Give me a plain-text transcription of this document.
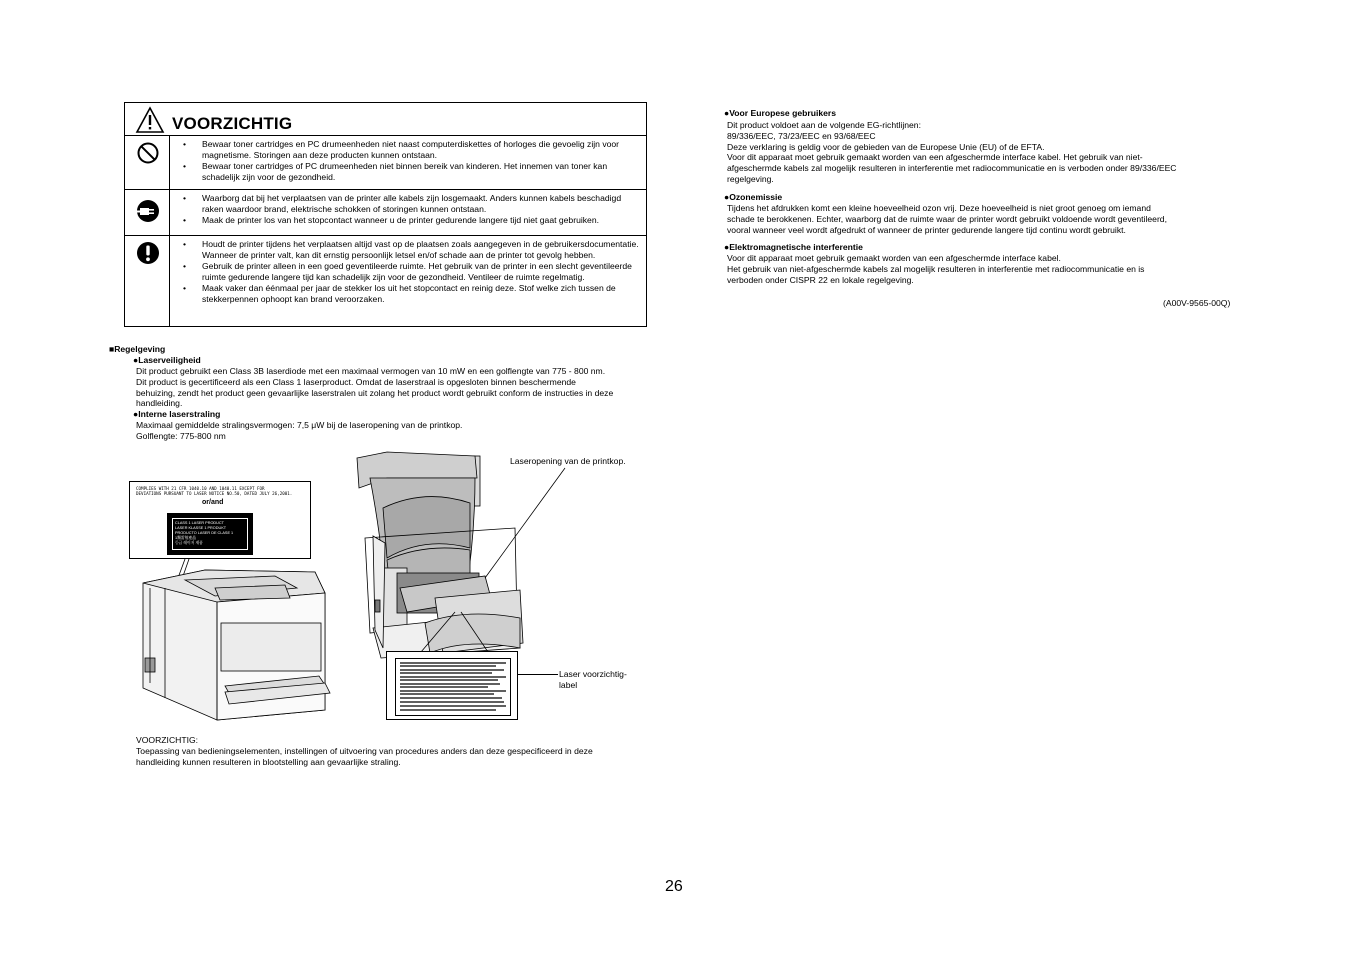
VOORZICHTIG
• Bewaar toner cartridges en PC drumeenheden niet naast computerdiskettes of horloges die gevoelig zijn voor magnetisme. Storingen aan deze producten kunnen ontstaan.
• Bewaar toner cartridges of PC drumeenheden niet binnen bereik van kinderen. Het innemen van toner kan schadelijk zijn voor de gezondheid.
• Waarborg dat bij het verplaatsen van de printer alle kabels zijn losgemaakt. Anders kunnen kabels beschadigd raken waardoor brand, elektrische schokken of storingen kunnen ontstaan.
• Maak de printer los van het stopcontact wanneer u de printer gedurende langere tijd niet gaat gebruiken.
• Houdt de printer tijdens het verplaatsen altijd vast op de plaatsen zoals aangegeven in de gebruikersdocumentatie. Wanneer de printer valt, kan dit ernstig persoonlijk letsel en/of schade aan de printer tot gevolg hebben.
• Gebruik de printer alleen in een goed geventileerde ruimte. Het gebruik van de printer in een slecht geventileerde ruimte gedurende langere tijd kan schadelijk zijn voor de gezondheid. Ventileer de ruimte regelmatig.
• Maak vaker dan éénmaal per jaar de stekker los uit het stopcontact en reinig deze. Stof welke zich tussen de stekkerpennen ophoopt kan brand veroorzaken.
■Regelgeving
●Laserveiligheid
Dit product gebruikt een Class 3B laserdiode met een maximaal vermogen van 10 mW en een golflengte van 775 - 800 nm.
Dit product is gecertificeerd als een Class 1 laserproduct. Omdat de laserstraal is opgesloten binnen beschermende
behuizing, zendt het product geen gevaarlijke laserstralen uit zolang het product wordt gebruikt conform de instructies in deze
handleiding.
●Interne laserstraling
Maximaal gemiddelde stralingsvermogen: 7,5 μW bij de laseropening van de printkop.
Golflengte: 775-800 nm
COMPLIES WITH 21 CFR 1040.10 AND 1040.11 EXCEPT FOR
DEVIATIONS PURSUANT TO LASER NOTICE NO.50, DATED JULY 26,2001.
or/and
CLASS 1 LASER PRODUCT
LASER KLASSE 1 PRODUKT
PRODUCTO LASER DE CLASE 1
1類雷射產品
등급 레이저 제품
Laseropening van de printkop.
Laser voorzichtig-
label
VOORZICHTIG:
Toepassing van bedieningselementen, instellingen of uitvoering van procedures anders dan deze gespecificeerd in deze
handleiding kunnen resulteren in blootstelling aan gevaarlijke straling.
●Voor Europese gebruikers
Dit product voldoet aan de volgende EG-richtlijnen:
89/336/EEC, 73/23/EEC en 93/68/EEC
Deze verklaring is geldig voor de gebieden van de Europese Unie (EU) of de EFTA.
Voor dit apparaat moet gebruik gemaakt worden van een afgeschermde interface kabel. Het gebruik van niet-
afgeschermde kabels zal mogelijk resulteren in interferentie met radiocommunicatie en is verboden onder 89/336/EEC
regelgeving.
●Ozonemissie
Tijdens het afdrukken komt een kleine hoeveelheid ozon vrij. Deze hoeveelheid is niet groot genoeg om iemand
schade te berokkenen. Echter, waarborg dat de ruimte waar de printer wordt gebruikt voldoende wordt geventileerd,
vooral wanneer veel wordt afgedrukt of wanneer de printer gedurende langere tijd continu wordt gebruikt.
●Elektromagnetische interferentie
Voor dit apparaat moet gebruik gemaakt worden van een afgeschermde interface kabel.
Het gebruik van niet-afgeschermde kabels zal mogelijk resulteren in interferentie met radiocommunicatie en is
verboden onder CISPR 22 en lokale regelgeving.
(A00V-9565-00Q)
26
